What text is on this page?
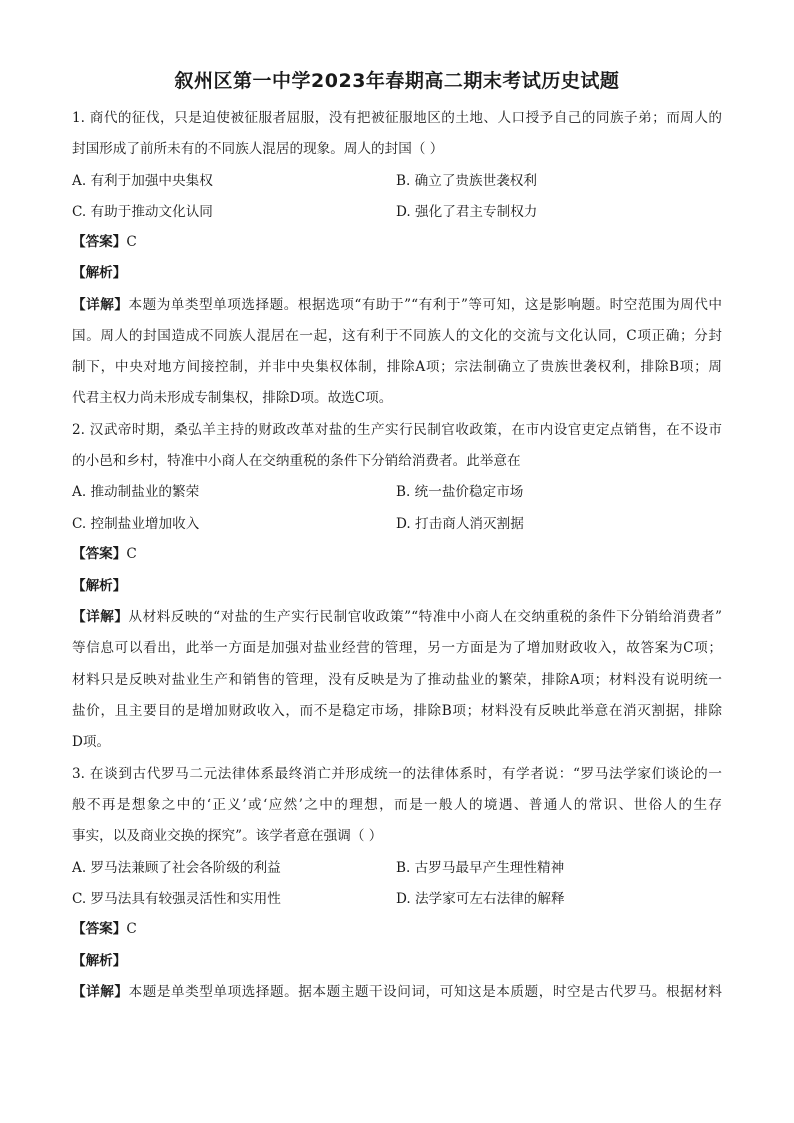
叙州区第一中学2023年春期高二期末考试历史试题
1. 商代的征伐，只是迫使被征服者屈服，没有把被征服地区的土地、人口授予自己的同族子弟；而周人的
封国形成了前所未有的不同族人混居的现象。周人的封国（ ）
A. 有利于加强中央集权	B. 确立了贵族世袭权利
C. 有助于推动文化认同	D. 强化了君主专制权力
【答案】C
【解析】
【详解】本题为单类型单项选择题。根据选项“有助于”“有利于”等可知，这是影响题。时空范围为周代中
国。周人的封国造成不同族人混居在一起，这有利于不同族人的文化的交流与文化认同，C项正确；分封
制下，中央对地方间接控制，并非中央集权体制，排除A项；宗法制确立了贵族世袭权利，排除B项；周
代君主权力尚未形成专制集权，排除D项。故选C项。
2. 汉武帝时期，桑弘羊主持的财政改革对盐的生产实行民制官收政策，在市内设官吏定点销售，在不设市
的小邑和乡村，特准中小商人在交纳重税的条件下分销给消费者。此举意在
A. 推动制盐业的繁荣	B. 统一盐价稳定市场
C. 控制盐业增加收入	D. 打击商人消灭割据
【答案】C
【解析】
【详解】从材料反映的“对盐的生产实行民制官收政策”“特准中小商人在交纳重税的条件下分销给消费者”
等信息可以看出，此举一方面是加强对盐业经营的管理，另一方面是为了增加财政收入，故答案为C项；
材料只是反映对盐业生产和销售的管理，没有反映是为了推动盐业的繁荣，排除A项；材料没有说明统一
盐价，且主要目的是增加财政收入，而不是稳定市场，排除B项；材料没有反映此举意在消灭割据，排除
D项。
3. 在谈到古代罗马二元法律体系最终消亡并形成统一的法律体系时，有学者说：“罗马法学家们谈论的一
般不再是想象之中的‘正义’或‘应然’之中的理想，而是一般人的境遇、普通人的常识、世俗人的生存
事实，以及商业交换的探究”。该学者意在强调（ ）
A. 罗马法兼顾了社会各阶级的利益	B. 古罗马最早产生理性精神
C. 罗马法具有较强灵活性和实用性	D. 法学家可左右法律的解释
【答案】C
【解析】
【详解】本题是单类型单项选择题。据本题主题干设问词，可知这是本质题，时空是古代罗马。根据材料
